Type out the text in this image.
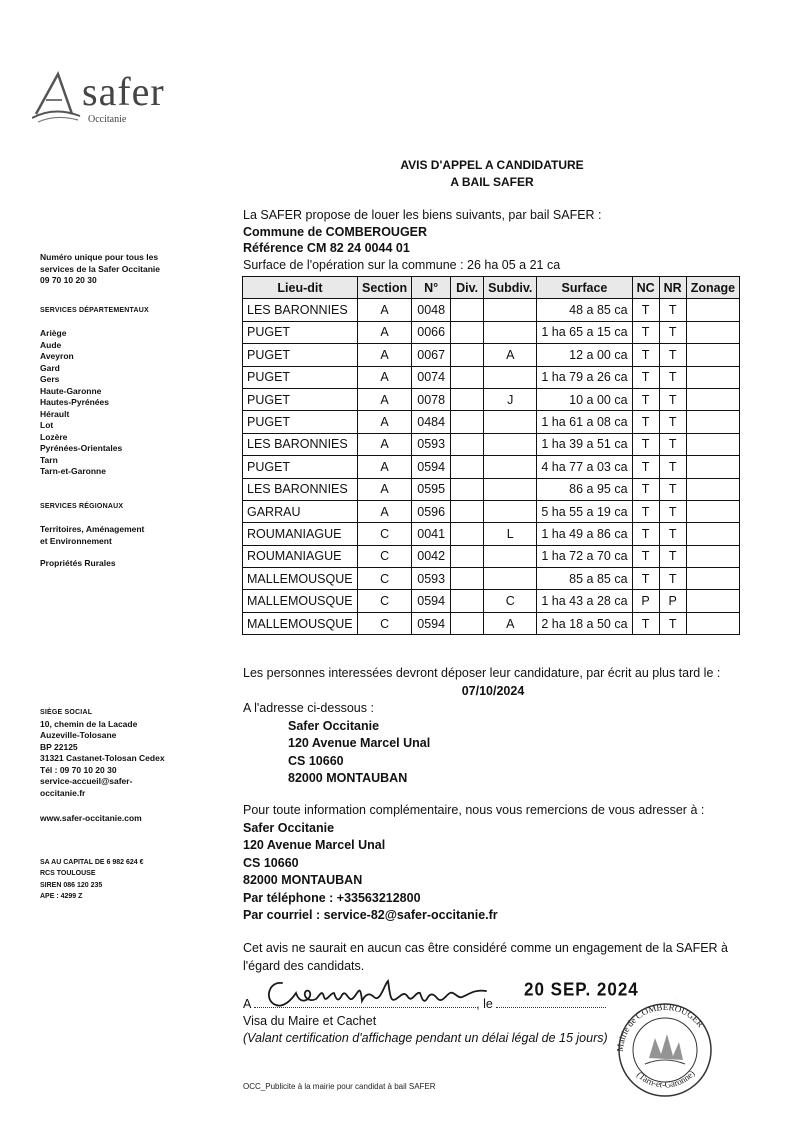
safer
Occitanie
Numéro unique pour tous les
services de la Safer Occitanie
09 70 10 20 30
SERVICES DÉPARTEMENTAUX
Ariège
Aude
Aveyron
Gard
Gers
Haute-Garonne
Hautes-Pyrénées
Hérault
Lot
Lozère
Pyrénées-Orientales
Tarn
Tarn-et-Garonne
SERVICES RÉGIONAUX
Territoires, Aménagement
et Environnement
Propriétés Rurales
SIÈGE SOCIAL
10, chemin de la Lacade
Auzeville-Tolosane
BP 22125
31321 Castanet-Tolosan Cedex
Tél : 09 70 10 20 30
service-accueil@safer-
occitanie.fr
www.safer-occitanie.com
SA AU CAPITAL DE 6 982 624 €
RCS TOULOUSE
SIREN 086 120 235
APE : 4299 Z
AVIS D'APPEL A CANDIDATURE
A BAIL SAFER
La SAFER propose de louer les biens suivants, par bail SAFER :
Commune de COMBEROUGER
Référence CM 82 24 0044 01
Surface de l'opération sur la commune : 26 ha 05 a 21 ca
Lieu-dit	Section	N°	Div.	Subdiv.	Surface	NC	NR	Zonage
LES BARONNIES	A	0048			48 a 85 ca	T	T	
PUGET	A	0066			1 ha 65 a 15 ca	T	T	
PUGET	A	0067		A	12 a 00 ca	T	T	
PUGET	A	0074			1 ha 79 a 26 ca	T	T	
PUGET	A	0078		J	10 a 00 ca	T	T	
PUGET	A	0484			1 ha 61 a 08 ca	T	T	
LES BARONNIES	A	0593			1 ha 39 a 51 ca	T	T	
PUGET	A	0594			4 ha 77 a 03 ca	T	T	
LES BARONNIES	A	0595			86 a 95 ca	T	T	
GARRAU	A	0596			5 ha 55 a 19 ca	T	T	
ROUMANIAGUE	C	0041		L	1 ha 49 a 86 ca	T	T	
ROUMANIAGUE	C	0042			1 ha 72 a 70 ca	T	T	
MALLEMOUSQUE	C	0593			85 a 85 ca	T	T	
MALLEMOUSQUE	C	0594		C	1 ha 43 a 28 ca	P	P	
MALLEMOUSQUE	C	0594		A	2 ha 18 a 50 ca	T	T	
Les personnes interessées devront déposer leur candidature, par écrit au plus tard le :
07/10/2024
A l'adresse ci-dessous :
Safer Occitanie
120 Avenue Marcel Unal
CS 10660
82000 MONTAUBAN
Pour toute information complémentaire, nous vous remercions de vous adresser à :
Safer Occitanie
120 Avenue Marcel Unal
CS 10660
82000 MONTAUBAN
Par téléphone : +33563212800
Par courriel : service-82@safer-occitanie.fr
Cet avis ne saurait en aucun cas être considéré comme un engagement de la SAFER à
l'égard des candidats.
A	, le
Visa du Maire et Cachet
(Valant certification d'affichage pendant un délai légal de 15 jours)
20 SEP. 2024
Mairie de COMBEROUGER
(Tarn-et-Garonne)
OCC_Publicite à la mairie pour candidat à bail SAFER
